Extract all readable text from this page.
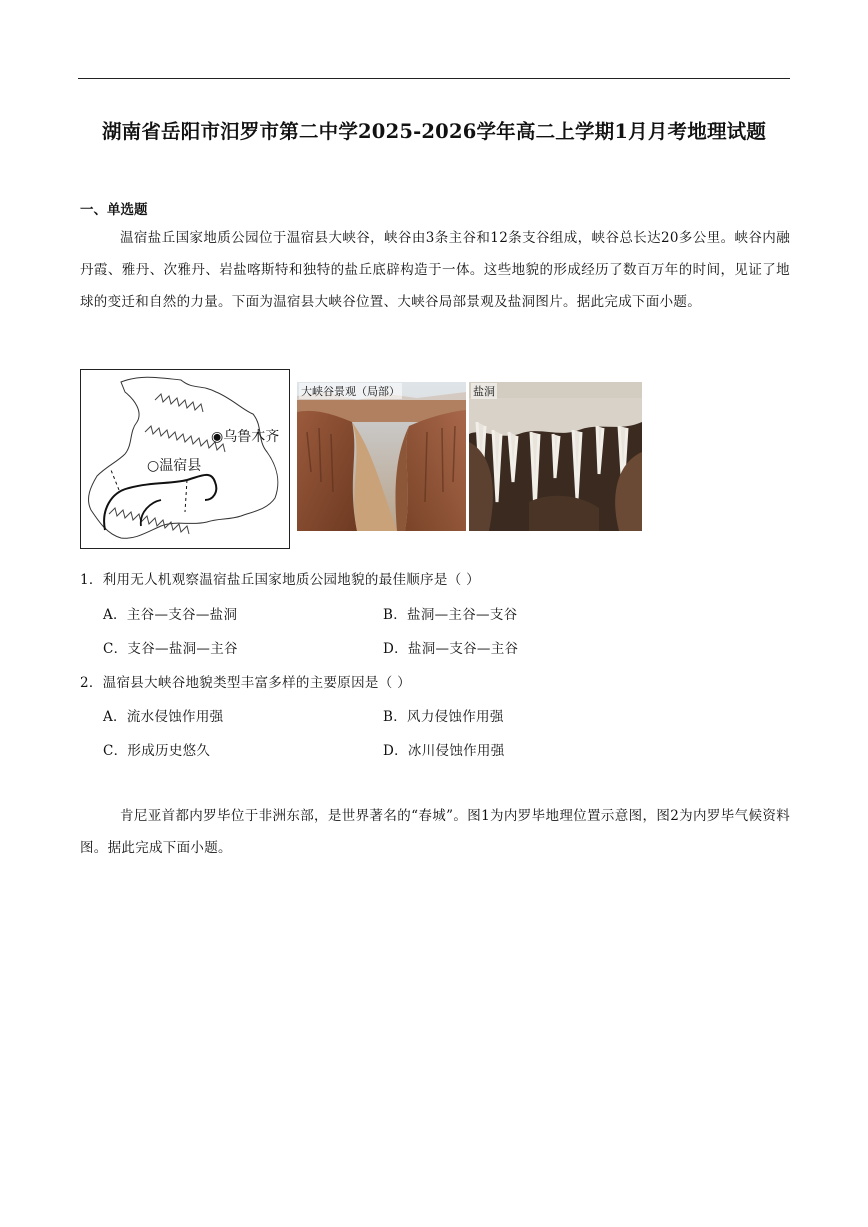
湖南省岳阳市汨罗市第二中学2025-2026学年高二上学期1月月考地理试题
一、单选题
温宿盐丘国家地质公园位于温宿县大峡谷，峡谷由3条主谷和12条支谷组成，峡谷总长达20多公里。峡谷内融丹霞、雅丹、次雅丹、岩盐喀斯特和独特的盐丘底辟构造于一体。这些地貌的形成经历了数百万年的时间，见证了地球的变迁和自然的力量。下面为温宿县大峡谷位置、大峡谷局部景观及盐洞图片。据此完成下面小题。
◉乌鲁木齐
○温宿县
大峡谷景观（局部）	盐洞
1．利用无人机观察温宿盐丘国家地质公园地貌的最佳顺序是（ ）
A．主谷—支谷—盐洞	B．盐洞—主谷—支谷
C．支谷—盐洞—主谷	D．盐洞—支谷—主谷
2．温宿县大峡谷地貌类型丰富多样的主要原因是（ ）
A．流水侵蚀作用强	B．风力侵蚀作用强
C．形成历史悠久	D．冰川侵蚀作用强
肯尼亚首都内罗毕位于非洲东部，是世界著名的“春城”。图1为内罗毕地理位置示意图，图2为内罗毕气候资料图。据此完成下面小题。
